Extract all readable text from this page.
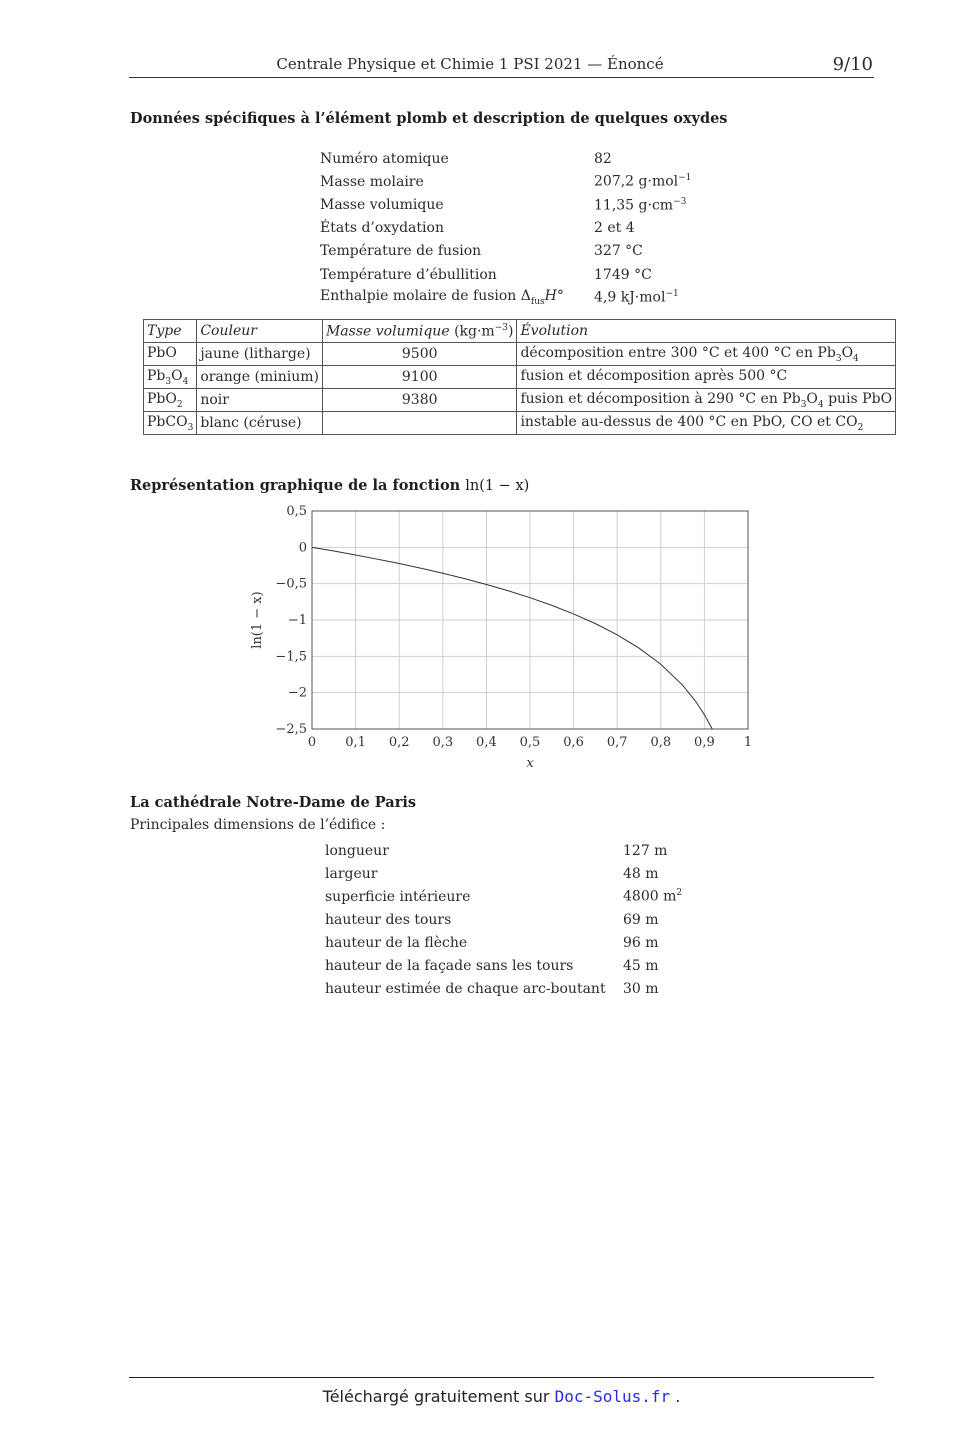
Centrale Physique et Chimie 1 PSI 2021 — Énoncé	9/10
Données spécifiques à l’élément plomb et description de quelques oxydes
Numéro atomique	82
Masse molaire	207,2 g·mol$^{-1}$
Masse volumique	11,35 $g\cdot cm^{-3}$
États d’oxydation	2 et 4
Température de fusion	327 °C
Température d’ébullition	1749 °C
Enthalpie molaire de fusion $\Delta_{fus}H^\circ$	4,9 kJ·mol$^{-1}$
Type	Couleur	Masse volumique $(kg\cdot m^{-3})$	Évolution
PbO	jaune (litharge)	9500	décomposition entre 300 °C et 400 °C en $Pb_3O_4$
$Pb_3O_4$	orange (minium)	9100	fusion et décomposition après 500 °C
PbO$_2$	noir	9380	fusion et décomposition à 290 °C en $Pb_3O_4$ puis PbO
PbCO$_3$	blanc (céruse)		instable au-dessus de 400 °C en PbO, CO et $CO_2$
Représentation graphique de la fonction ln(1 − x)
0 0,1 0,2 0,3 0,4 0,5 0,6 0,7 0,8 0,9 1
0,5
0
−0,5
−1
−1,5
−2
−2,5
x
ln(1 − x)
La cathédrale Notre-Dame de Paris
Principales dimensions de l’édifice :
longueur	127 m
largeur	48 m
superficie intérieure	4800 $m^2$
hauteur des tours	69 m
hauteur de la flèche	96 m
hauteur de la façade sans les tours	45 m
hauteur estimée de chaque arc-boutant	30 m
Téléchargé gratuitement sur Doc-Solus.fr .
